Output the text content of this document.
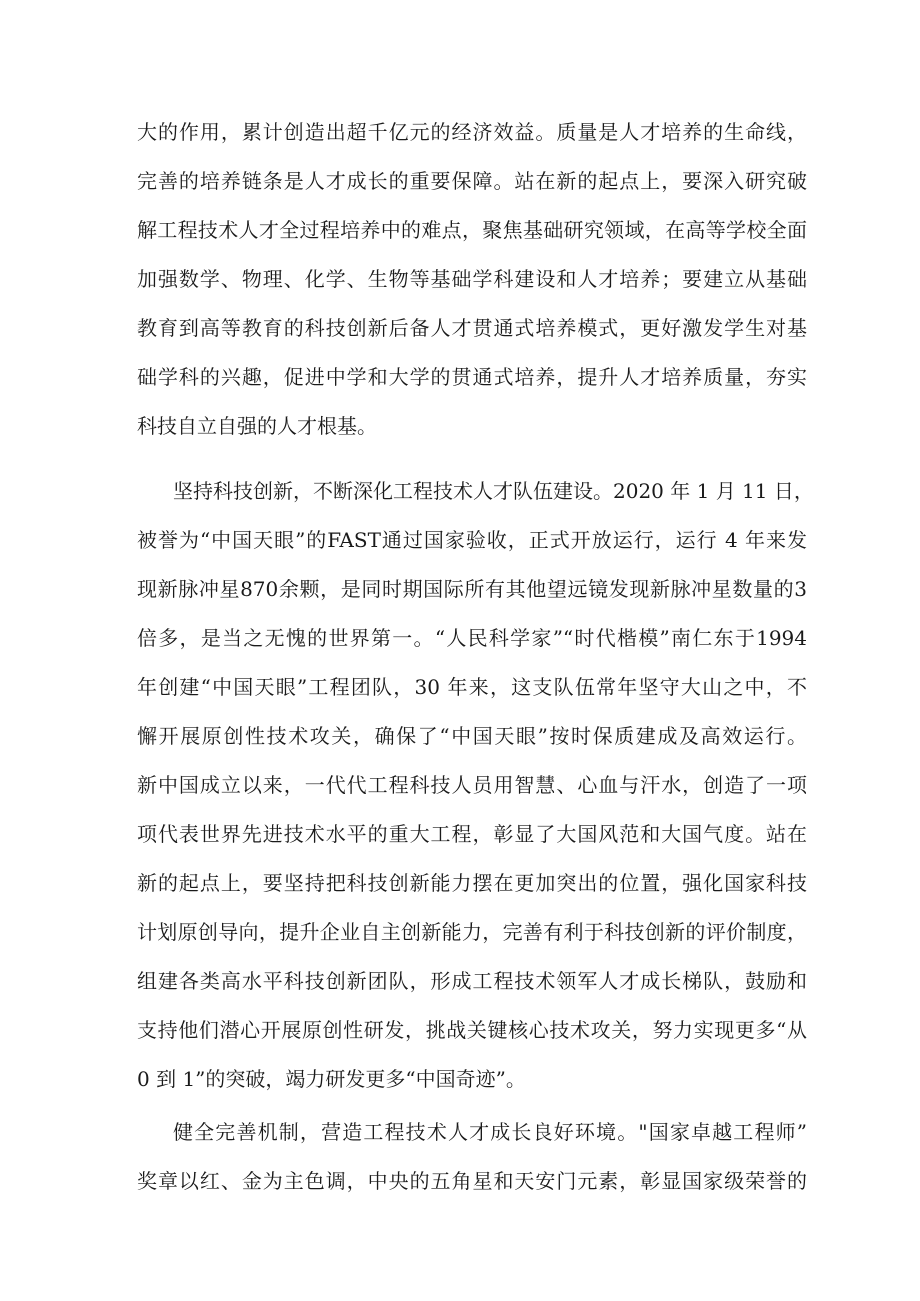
大的作用，累计创造出超千亿元的经济效益。质量是人才培养的生命线，
完善的培养链条是人才成长的重要保障。站在新的起点上，要深入研究破
解工程技术人才全过程培养中的难点，聚焦基础研究领域，在高等学校全面
加强数学、物理、化学、生物等基础学科建设和人才培养；要建立从基础
教育到高等教育的科技创新后备人才贯通式培养模式，更好激发学生对基
础学科的兴趣，促进中学和大学的贯通式培养，提升人才培养质量，夯实
科技自立自强的人才根基。
坚持科技创新，不断深化工程技术人才队伍建设。2020 年 1 月 11 日，
被誉为“中国天眼”的FAST通过国家验收，正式开放运行，运行 4 年来发
现新脉冲星870余颗，是同时期国际所有其他望远镜发现新脉冲星数量的3
倍多，是当之无愧的世界第一。“人民科学家”“时代楷模”南仁东于1994
年创建“中国天眼”工程团队，30 年来，这支队伍常年坚守大山之中，不
懈开展原创性技术攻关，确保了“中国天眼”按时保质建成及高效运行。
新中国成立以来，一代代工程科技人员用智慧、心血与汗水，创造了一项
项代表世界先进技术水平的重大工程，彰显了大国风范和大国气度。站在
新的起点上，要坚持把科技创新能力摆在更加突出的位置，强化国家科技
计划原创导向，提升企业自主创新能力，完善有利于科技创新的评价制度，
组建各类高水平科技创新团队，形成工程技术领军人才成长梯队，鼓励和
支持他们潜心开展原创性研发，挑战关键核心技术攻关，努力实现更多“从
0 到 1”的突破，竭力研发更多“中国奇迹”。
健全完善机制，营造工程技术人才成长良好环境。"国家卓越工程师”
奖章以红、金为主色调，中央的五角星和天安门元素，彰显国家级荣誉的
